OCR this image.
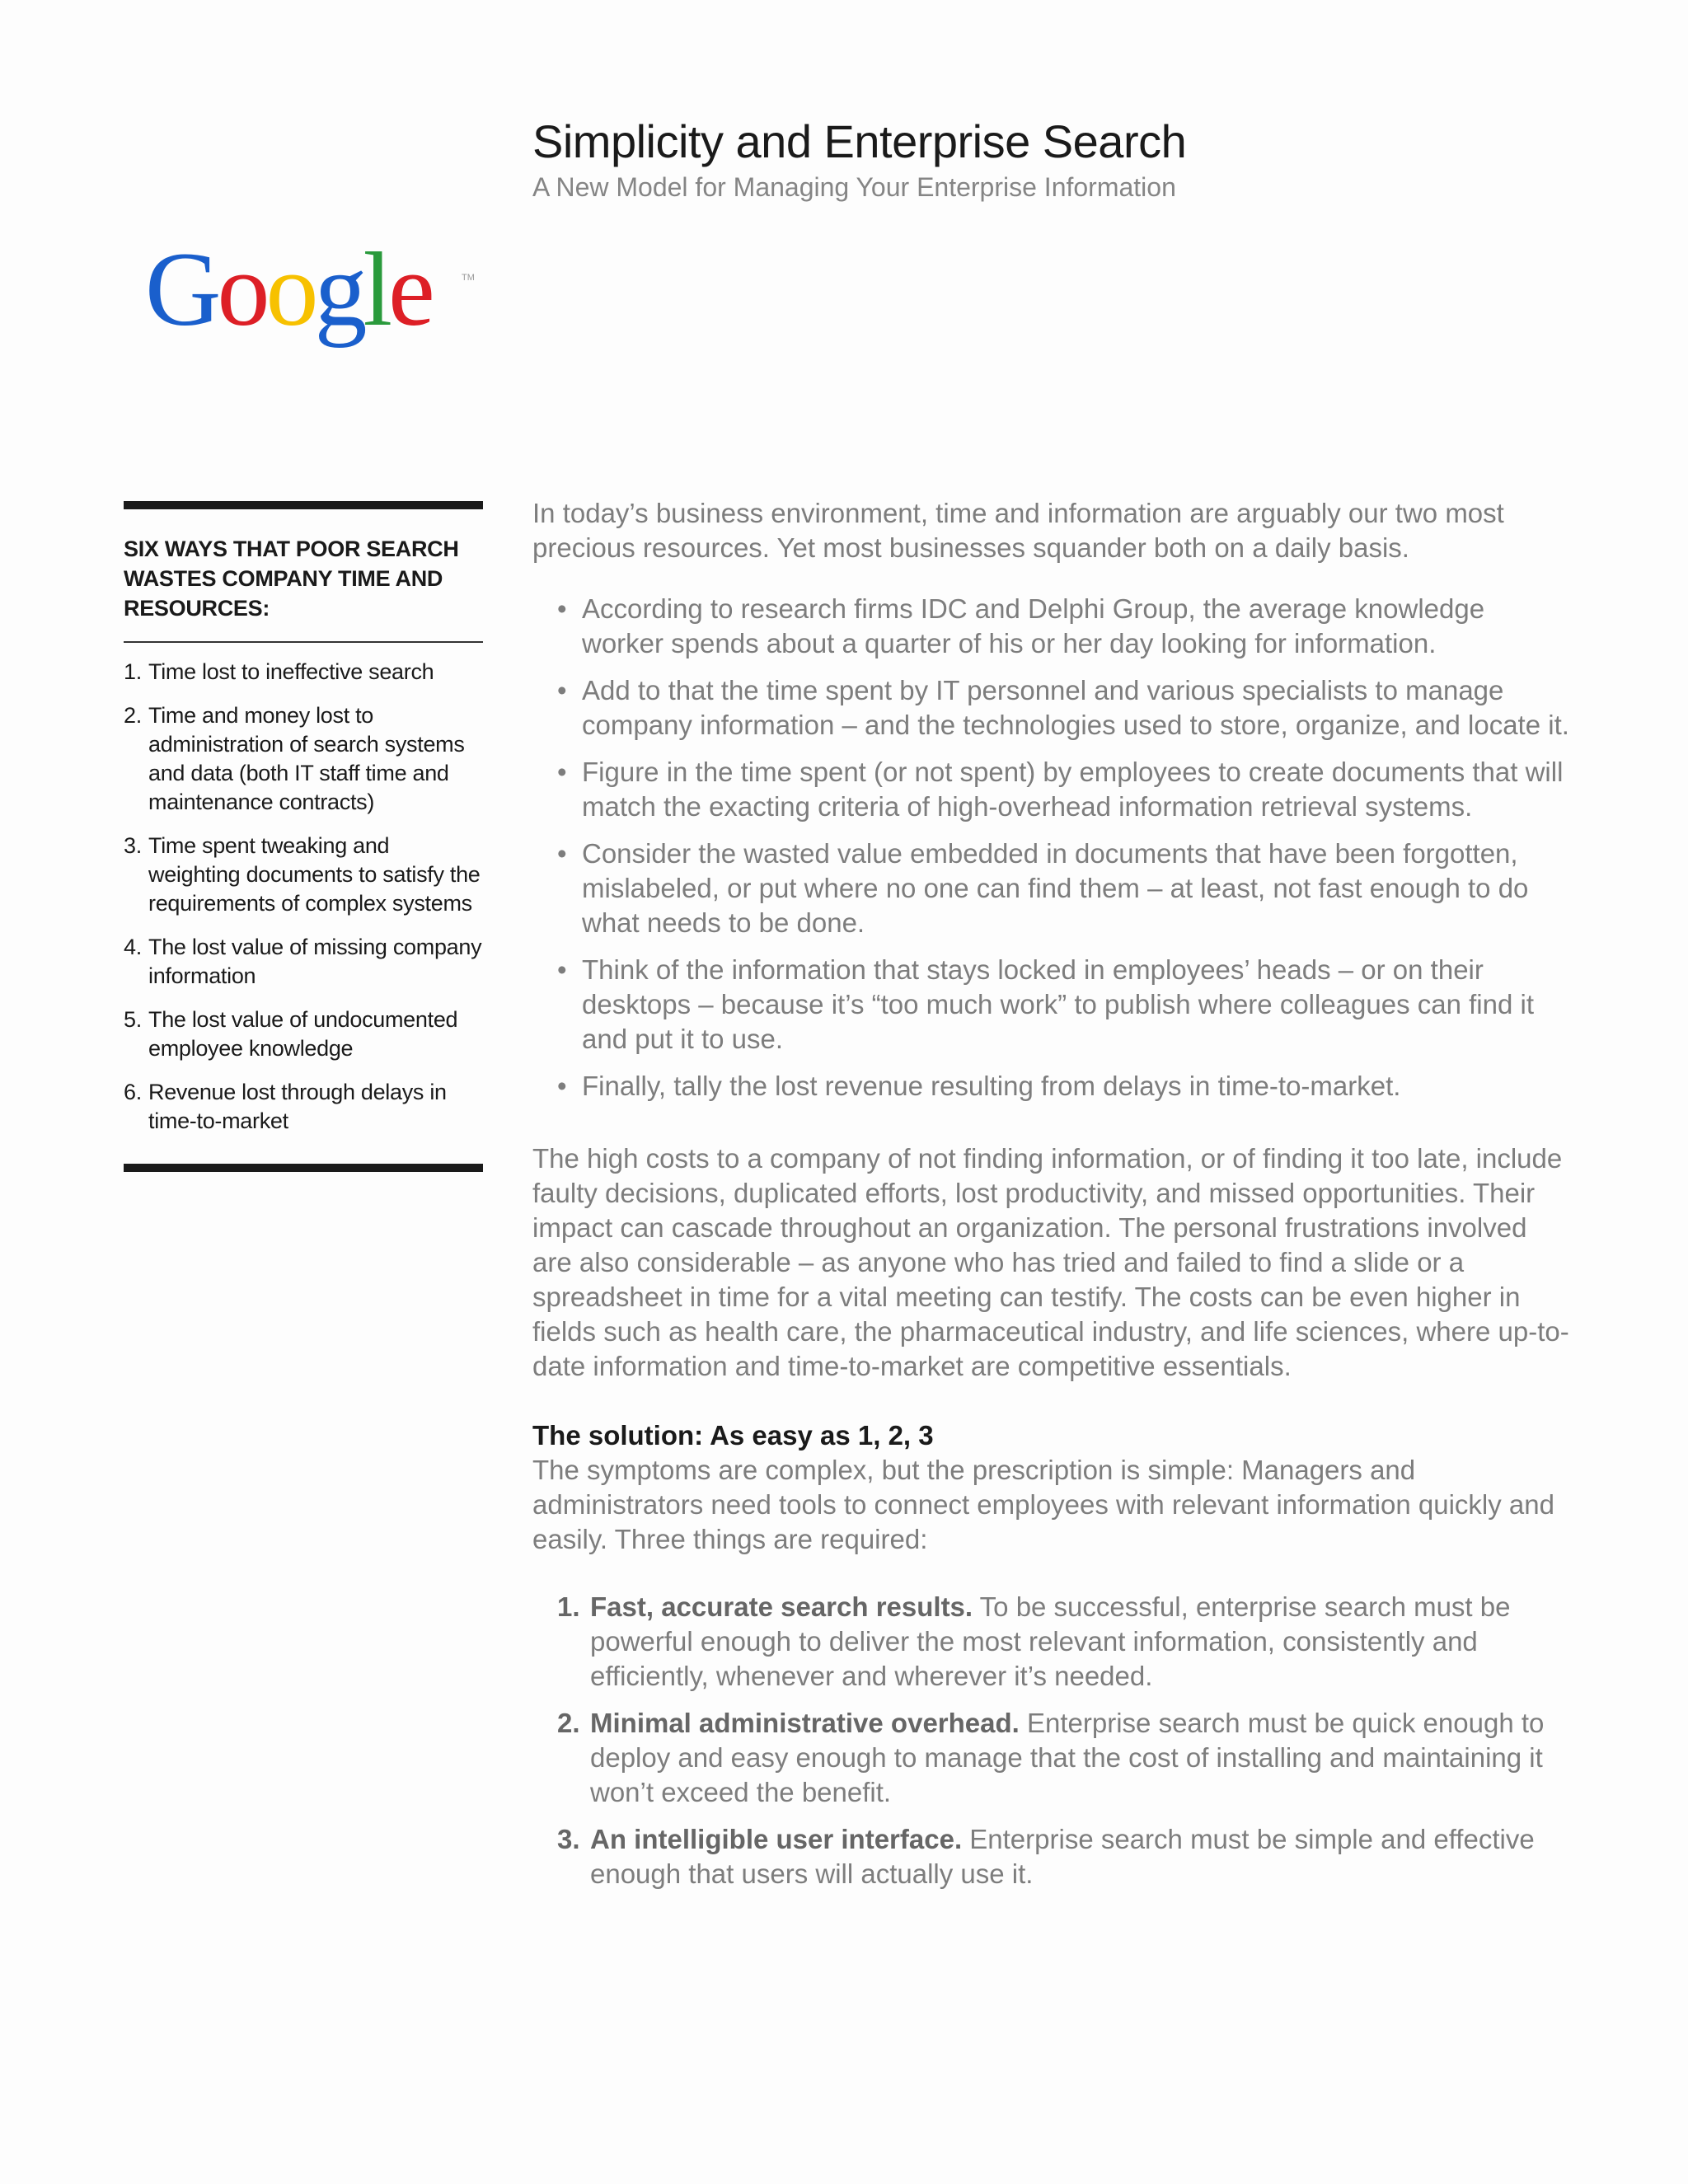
Simplicity and Enterprise Search
A New Model for Managing Your Enterprise Information
Google	TM
SIX WAYS THAT POOR SEARCH
WASTES COMPANY TIME AND
RESOURCES:
1. Time lost to ineffective search
2. Time and money lost to administration of search systems and data (both IT staff time and maintenance contracts)
3. Time spent tweaking and weighting documents to satisfy the requirements of complex systems
4. The lost value of missing company information
5. The lost value of undocumented employee knowledge
6. Revenue lost through delays in time-to-market

In today’s business environment, time and information are arguably our two most precious resources. Yet most businesses squander both on a daily basis.

• According to research firms IDC and Delphi Group, the average knowledge worker spends about a quarter of his or her day looking for information.
• Add to that the time spent by IT personnel and various specialists to manage company information – and the technologies used to store, organize, and locate it.
• Figure in the time spent (or not spent) by employees to create documents that will match the exacting criteria of high-overhead information retrieval systems.
• Consider the wasted value embedded in documents that have been forgotten, mislabeled, or put where no one can find them – at least, not fast enough to do what needs to be done.
• Think of the information that stays locked in employees’ heads – or on their desktops – because it’s “too much work” to publish where colleagues can find it and put it to use.
• Finally, tally the lost revenue resulting from delays in time-to-market.

The high costs to a company of not finding information, or of finding it too late, include faulty decisions, duplicated efforts, lost productivity, and missed opportunities. Their impact can cascade throughout an organization. The personal frustrations involved are also considerable – as anyone who has tried and failed to find a slide or a spreadsheet in time for a vital meeting can testify. The costs can be even higher in fields such as health care, the pharmaceutical industry, and life sciences, where up-to-date information and time-to-market are competitive essentials.

The solution: As easy as 1, 2, 3

The symptoms are complex, but the prescription is simple: Managers and administrators need tools to connect employees with relevant information quickly and easily. Three things are required:

1. Fast, accurate search results. To be successful, enterprise search must be powerful enough to deliver the most relevant information, consistently and efficiently, whenever and wherever it’s needed.
2. Minimal administrative overhead. Enterprise search must be quick enough to deploy and easy enough to manage that the cost of installing and maintaining it won’t exceed the benefit.
3. An intelligible user interface. Enterprise search must be simple and effective enough that users will actually use it.
